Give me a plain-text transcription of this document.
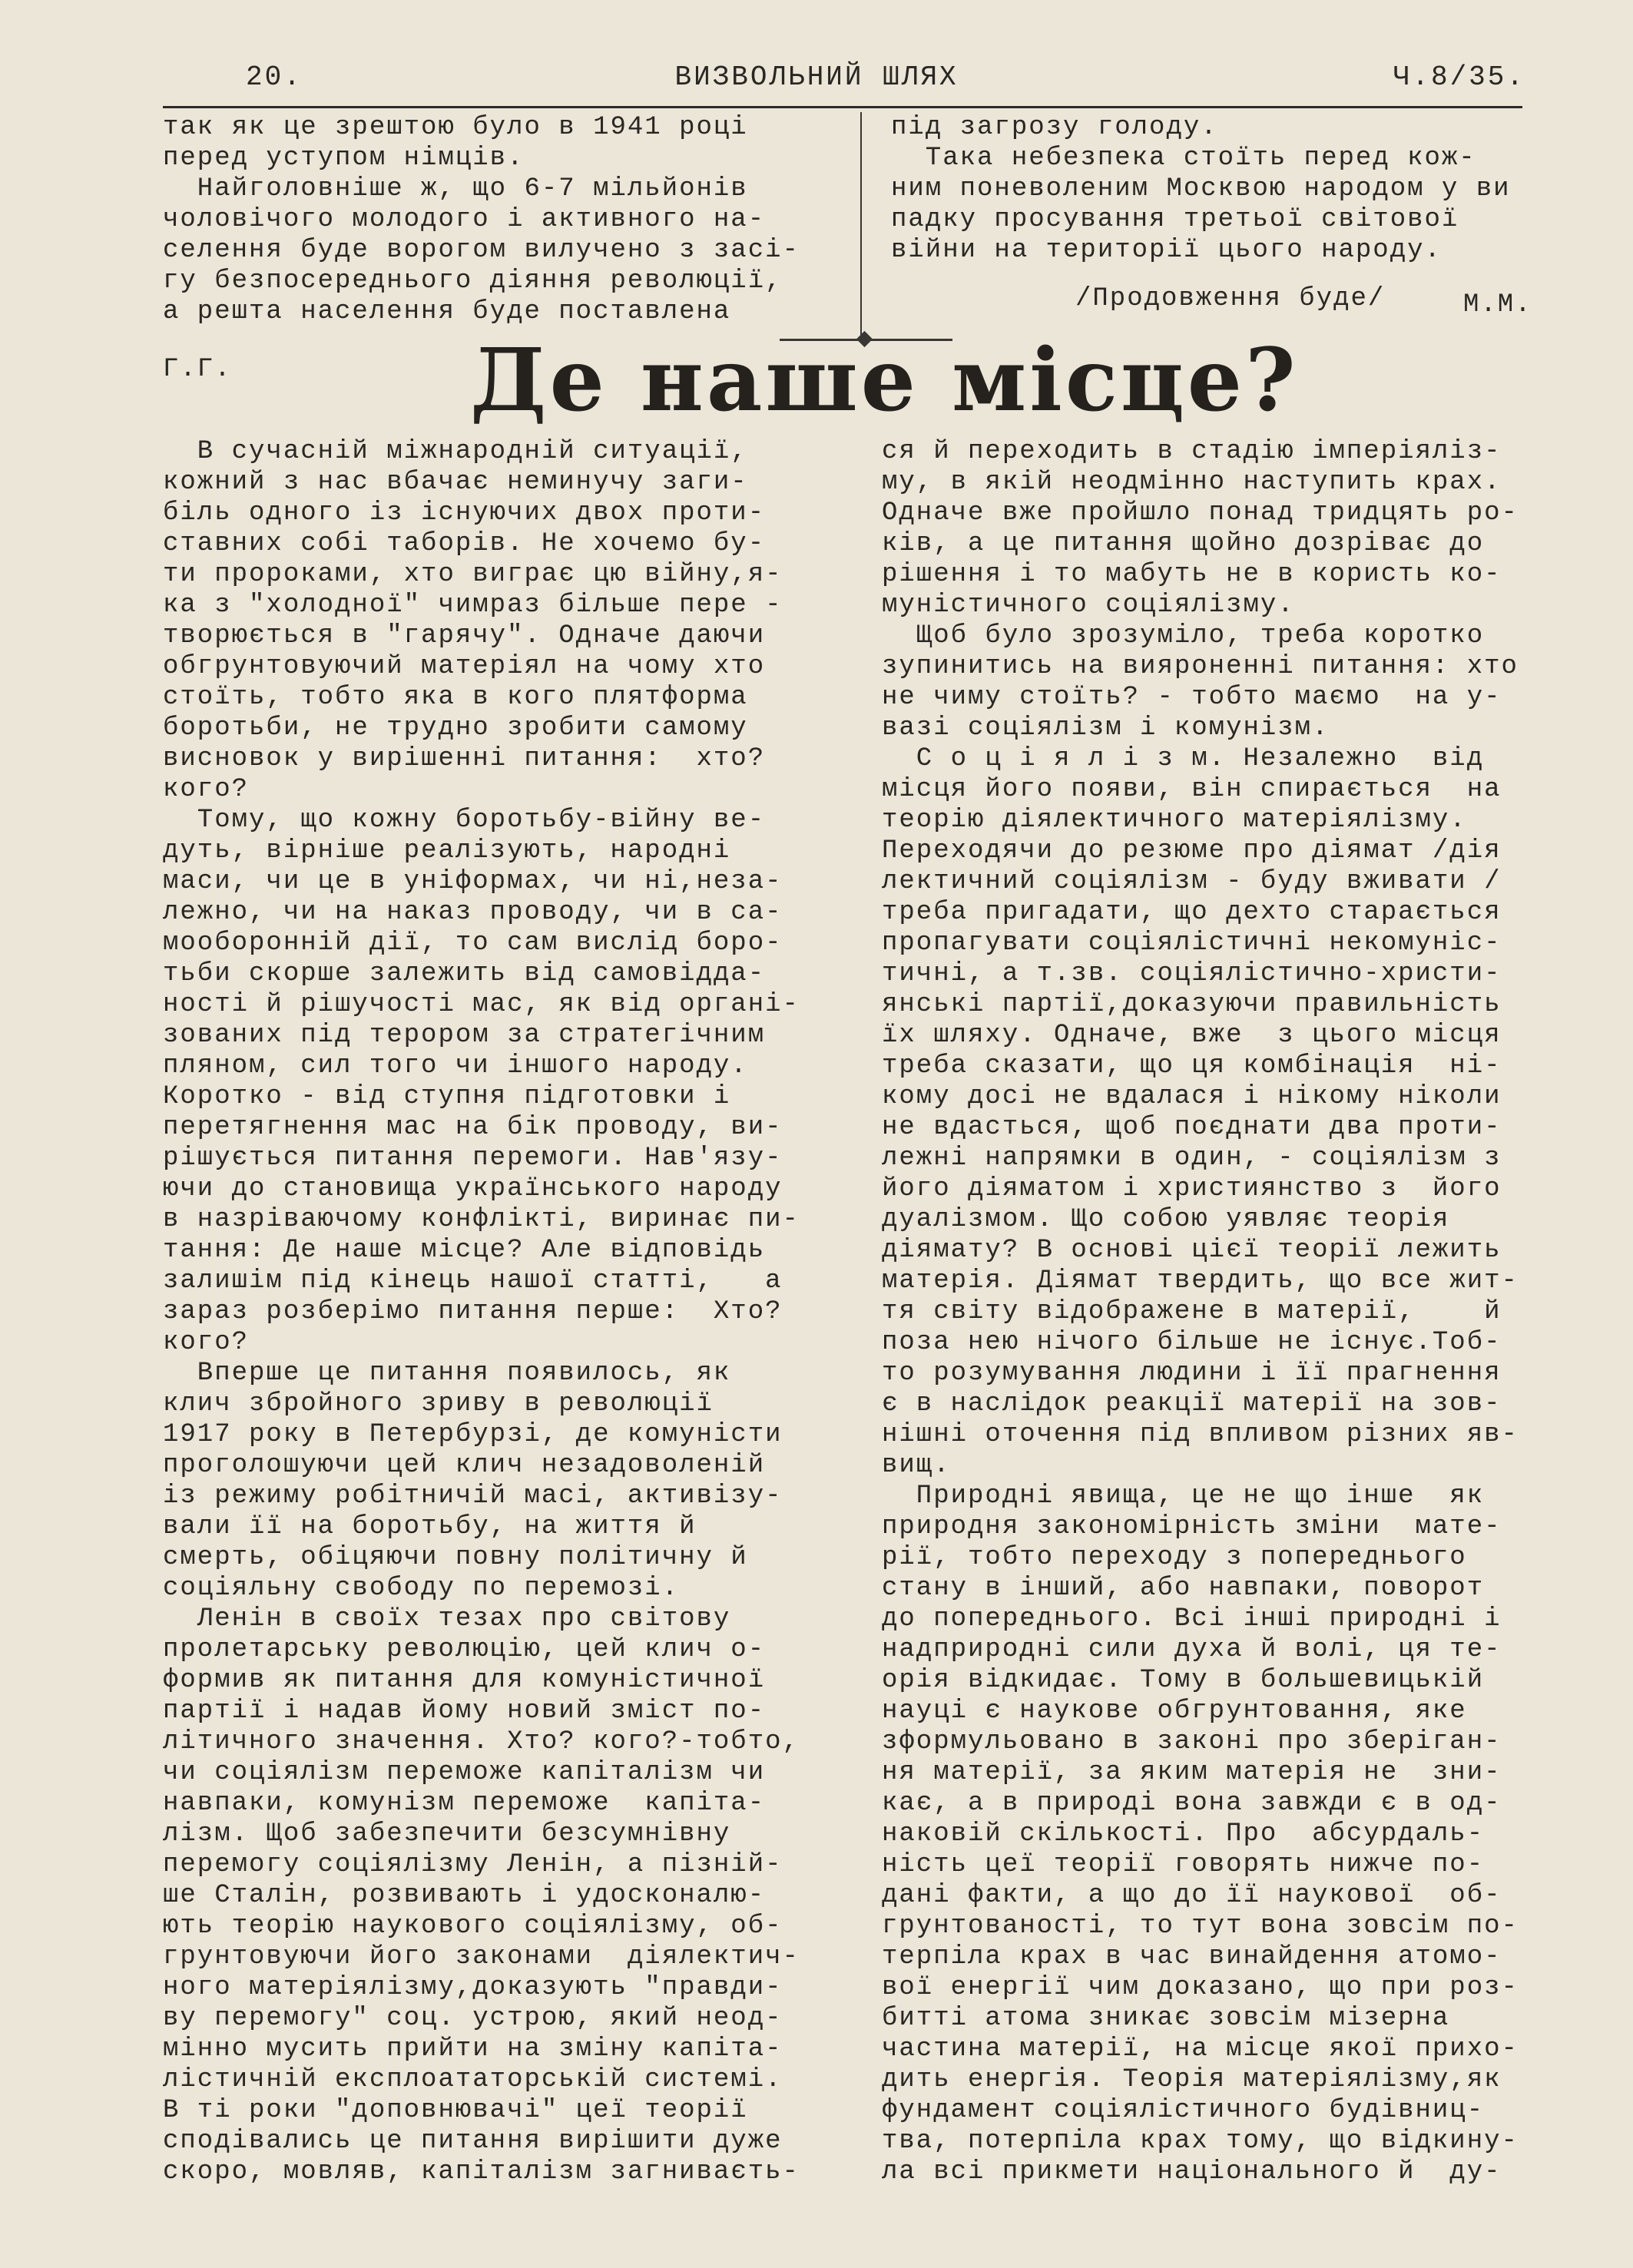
20.	ВИЗВОЛЬНИЙ ШЛЯХ	Ч.8/35.

так як це зрештою було в 1941 році

перед уступом німців.

Найголовніше ж, що 6-7 мільйонів

чоловічого молодого і активного на-

селення буде ворогом вилучено з засі-

гу безпосереднього діяння революції,

а решта населення буде поставлена

під загрозу голоду.

Така небезпека стоїть перед кож-

ним поневоленим Москвою народом у ви

падку просування третьої світової

війни на території цього народу.

/Продовження буде/	М.М.
Г.Г.	Де наше місце?

В сучасній міжнародній ситуації,

кожний з нас вбачає неминучу заги-

біль одного із існуючих двох проти-

ставних собі таборів. Не хочемо бу-

ти пророками, хто виграє цю війну,я-

ка з "холодної" чимраз більше пере -

творюється в "гарячу". Одначе даючи

обгрунтовуючий матеріял на чому хто

стоїть, тобто яка в кого плятформа

боротьби, не трудно зробити самому

висновок у вирішенні питання:  хто?

кого?

Тому, що кожну боротьбу-війну ве-

дуть, вірніше реалізують, народні

маси, чи це в уніформах, чи ні,неза-

лежно, чи на наказ проводу, чи в са-

мооборонній дії, то сам вислід боро-

тьби скорше залежить від самовідда-

ності й рішучості мас, як від органі-

зованих під терором за стратегічним

пляном, сил того чи іншого народу.

Коротко - від ступня підготовки і

перетягнення мас на бік проводу, ви-

рішується питання перемоги. Нав'язу-

ючи до становища українського народу

в назріваючому конфлікті, виринає пи-

тання: Де наше місце? Але відповідь

залишім під кінець нашої статті,   а

зараз розберімо питання перше:  Хто?

кого?

Вперше це питання появилось, як

клич збройного зриву в революції

1917 року в Петербурзі, де комуністи

проголошуючи цей клич незадоволеній

із режиму робітничій масі, активізу-

вали її на боротьбу, на життя й

смерть, обіцяючи повну політичну й

соціяльну свободу по перемозі.

Ленін в своїх тезах про світову

пролетарську революцію, цей клич о-

формив як питання для комуністичної

партії і надав йому новий зміст по-

літичного значення. Хто? кого?-тобто,

чи соціялізм переможе капіталізм чи

навпаки, комунізм переможе  капіта-

лізм. Щоб забезпечити безсумнівну

перемогу соціялізму Ленін, а пізній-

ше Сталін, розвивають і удосконалю-

ють теорію наукового соціялізму, об-

грунтовуючи його законами  діялектич-

ного матеріялізму,доказують "правди-

ву перемогу" соц. устрою, який неод-

мінно мусить прийти на зміну капіта-

лістичній експлоататорській системі.

В ті роки "доповнювачі" цеї теорії

сподівались це питання вирішити дуже

скоро, мовляв, капіталізм загниваєть-

ся й переходить в стадію імперіяліз-

му, в якій неодмінно наступить крах.

Одначе вже пройшло понад тридцять ро-

ків, а це питання щойно дозріває до

рішення і то мабуть не в користь ко-

муністичного соціялізму.

Щоб було зрозуміло, треба коротко

зупинитись на вияроненні питання: хто

не чиму стоїть? - тобто маємо  на у-

вазі соціялізм і комунізм.

С о ц і я л і з м. Незалежно  від

місця його появи, він спирається  на

теорію діялектичного матеріялізму.

Переходячи до резюме про діямат /дія

лектичний соціялізм - буду вживати /

треба пригадати, що дехто старається

пропагувати соціялістичні некомуніс-

тичні, а т.зв. соціялістично-христи-

янські партії,доказуючи правильність

їх шляху. Одначе, вже  з цього місця

треба сказати, що ця комбінація  ні-

кому досі не вдалася і нікому ніколи

не вдасться, щоб поєднати два проти-

лежні напрямки в один, - соціялізм з

його діяматом і християнство з  його

дуалізмом. Що собою уявляє теорія

діямату? В основі цієї теорії лежить

матерія. Діямат твердить, що все жит-

тя світу відображене в матерії,    й

поза нею нічого більше не існує.Тоб-

то розумування людини і її прагнення

є в наслідок реакції матерії на зов-

нішні оточення під впливом різних яв-

вищ.

Природні явища, це не що інше  як

природня закономірність зміни  мате-

рії, тобто переходу з попереднього

стану в інший, або навпаки, поворот

до попереднього. Всі інші природні і

надприродні сили духа й волі, ця те-

орія відкидає. Тому в большевицькій

науці є наукове обгрунтовання, яке

зформульовано в законі про зберіган-

ня матерії, за яким матерія не  зни-

кає, а в природі вона завжди є в од-

наковій скількості. Про  абсурдаль-

ність цеї теорії говорять нижче по-

дані факти, а що до її наукової  об-

грунтованості, то тут вона зовсім по-

терпіла крах в час винайдення атомо-

вої енергії чим доказано, що при роз-

битті атома зникає зовсім мізерна

частина матерії, на місце якої прихо-

дить енергія. Теорія матеріялізму,як

фундамент соціялістичного будівниц-

тва, потерпіла крах тому, що відкину-

ла всі прикмети національного й  ду-
